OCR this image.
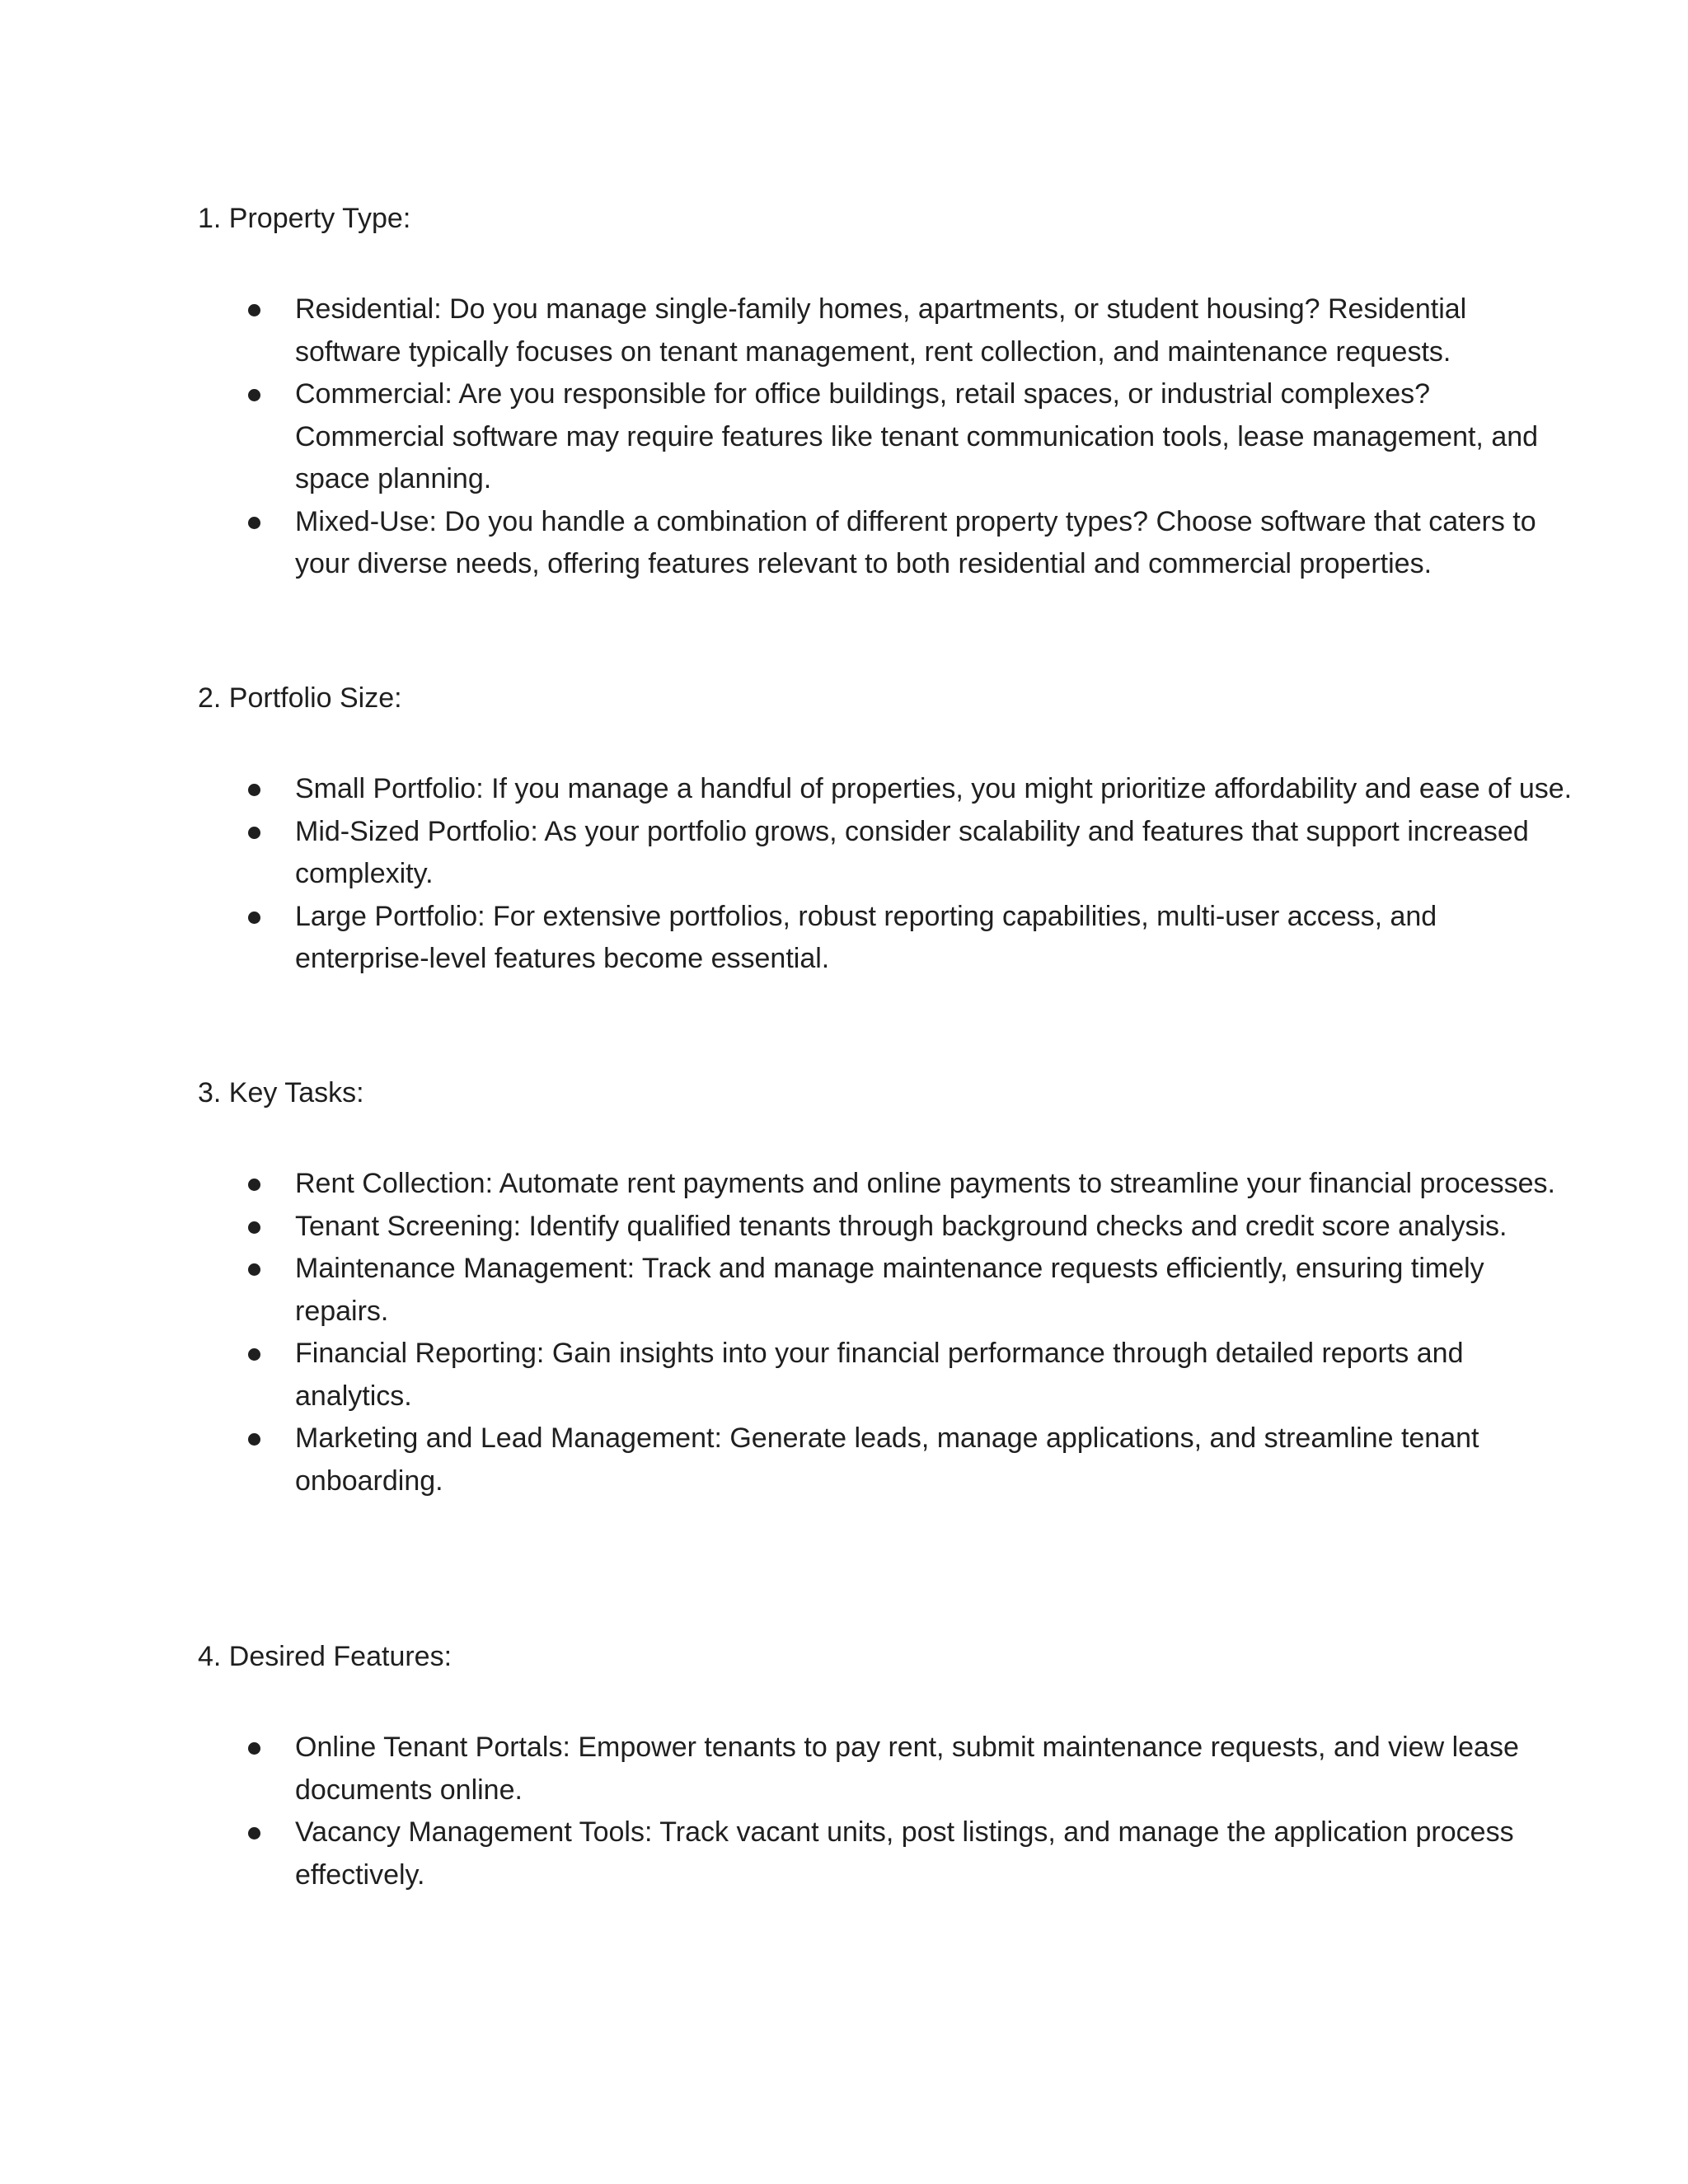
1. Property Type:
Residential: Do you manage single-family homes, apartments, or student housing? Residential software typically focuses on tenant management, rent collection, and maintenance requests.
Commercial: Are you responsible for office buildings, retail spaces, or industrial complexes? Commercial software may require features like tenant communication tools, lease management, and space planning.
Mixed-Use: Do you handle a combination of different property types? Choose software that caters to your diverse needs, offering features relevant to both residential and commercial properties.
2. Portfolio Size:
Small Portfolio: If you manage a handful of properties, you might prioritize affordability and ease of use.
Mid-Sized Portfolio: As your portfolio grows, consider scalability and features that support increased complexity.
Large Portfolio: For extensive portfolios, robust reporting capabilities, multi-user access, and enterprise-level features become essential.
3. Key Tasks:
Rent Collection: Automate rent payments and online payments to streamline your financial processes.
Tenant Screening: Identify qualified tenants through background checks and credit score analysis.
Maintenance Management: Track and manage maintenance requests efficiently, ensuring timely repairs.
Financial Reporting: Gain insights into your financial performance through detailed reports and analytics.
Marketing and Lead Management: Generate leads, manage applications, and streamline tenant onboarding.
4. Desired Features:
Online Tenant Portals: Empower tenants to pay rent, submit maintenance requests, and view lease documents online.
Vacancy Management Tools: Track vacant units, post listings, and manage the application process effectively.
